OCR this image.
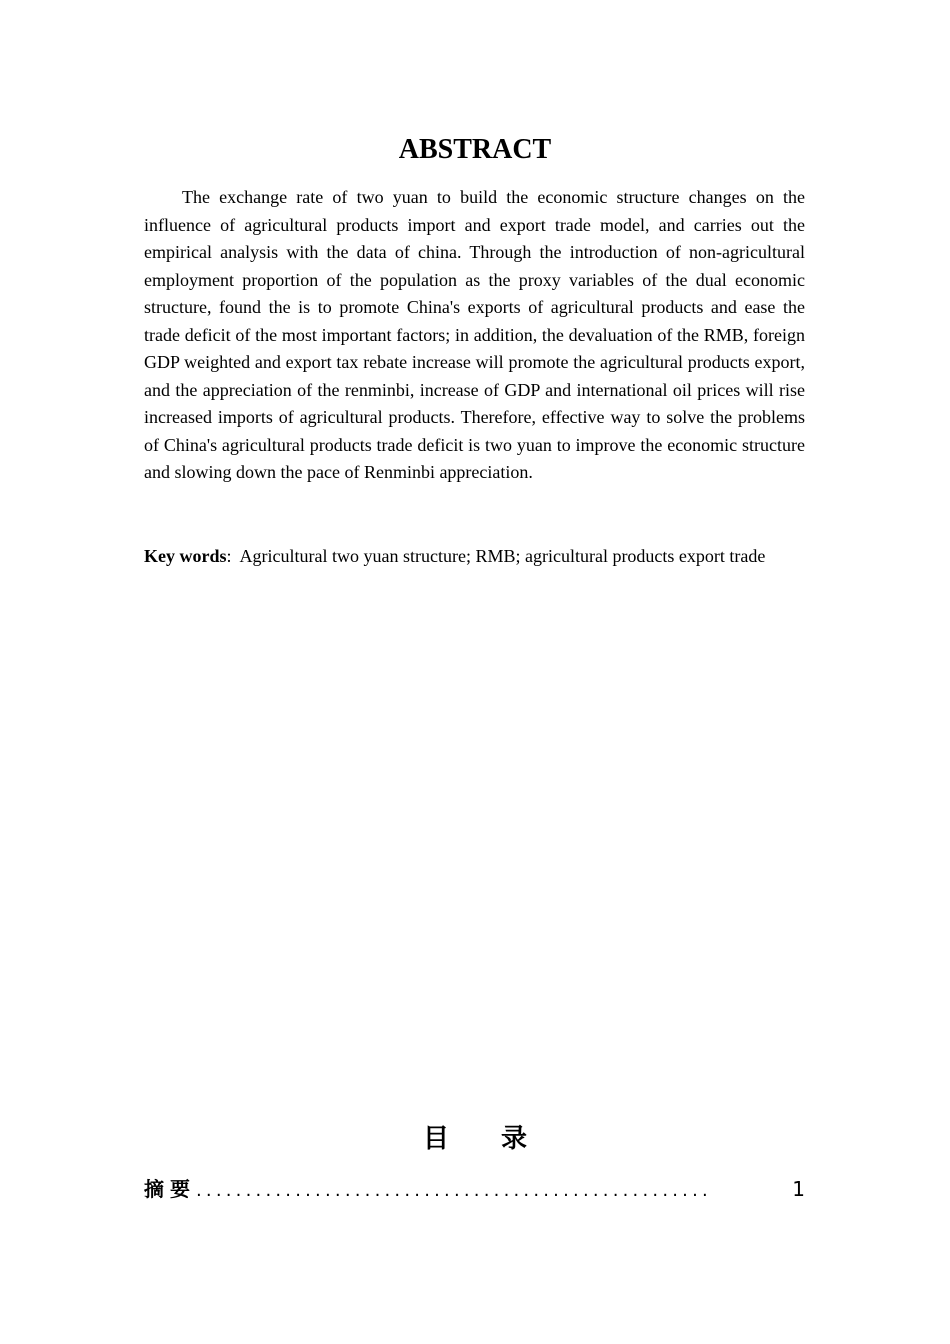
ABSTRACT

The exchange rate of two yuan to build the economic structure changes on the influence of agricultural products import and export trade model, and carries out the empirical analysis with the data of china. Through the introduction of non-agricultural employment proportion of the population as the proxy variables of the dual economic structure, found the is to promote China's exports of agricultural products and ease the trade deficit of the most important factors; in addition, the devaluation of the RMB, foreign GDP weighted and export tax rebate increase will promote the agricultural products export, and the appreciation of the renminbi, increase of GDP and international oil prices will rise increased imports of agricultural products. Therefore, effective way to solve the problems of China's agricultural products trade deficit is two yuan to improve the economic structure and slowing down the pace of Renminbi appreciation.

Key words: Agricultural two yuan structure; RMB; agricultural products export trade

目 录
摘要 ....................................................	1
